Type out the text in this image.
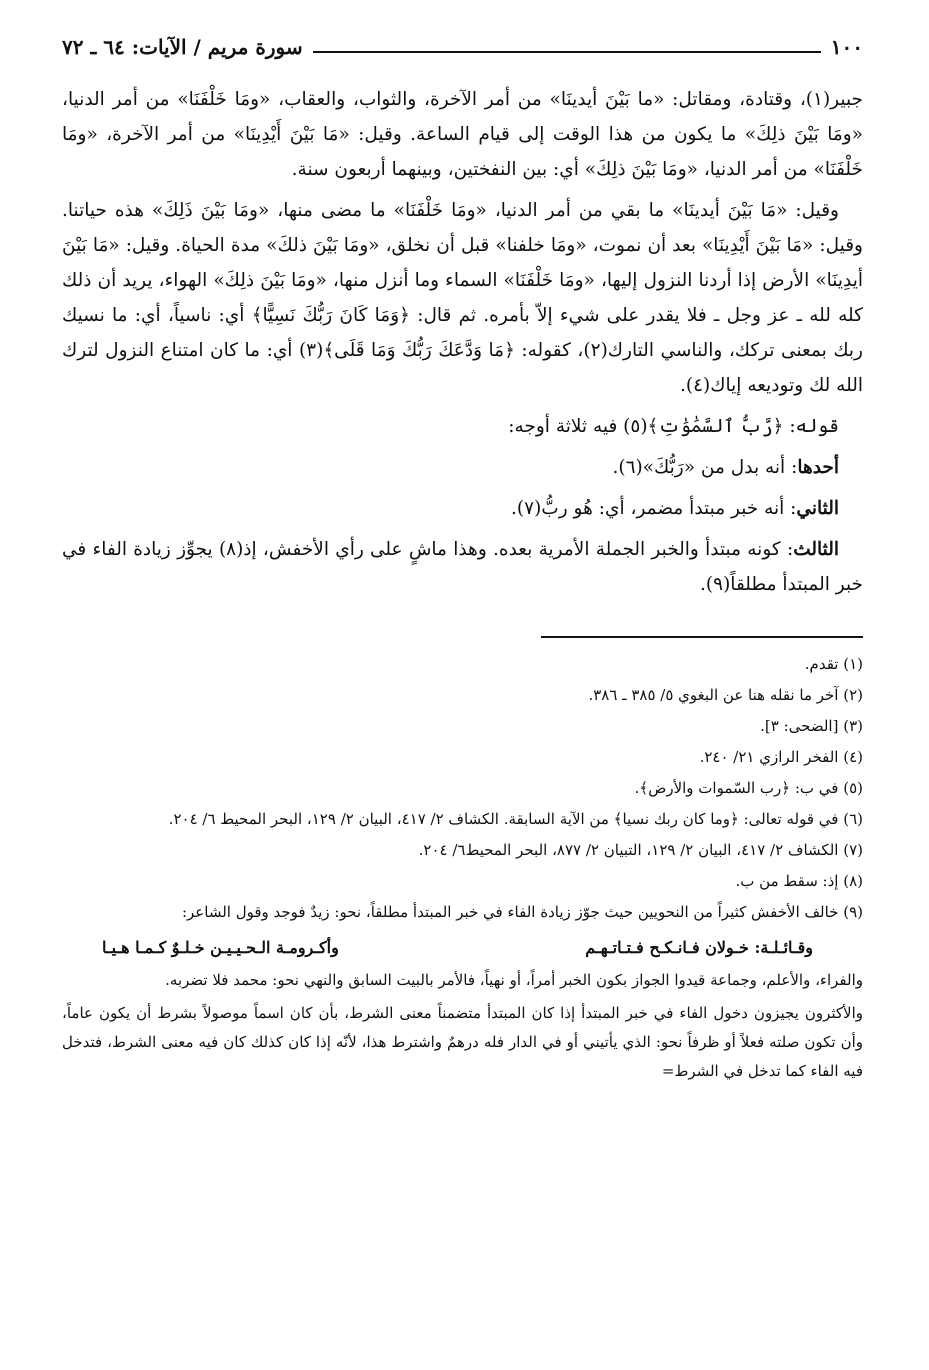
١٠٠
سورة مريم / الآيات: ٦٤ ـ ٧٢

جبير(١)، وقتادة، ومقاتل: «ما بَيْنَ أيدينَا» من أمر الآخرة، والثواب، والعقاب، «ومَا خَلْفَنَا» من أمر الدنيا، «ومَا بَيْنَ ذلِكَ» ما يكون من هذا الوقت إلى قيام الساعة. وقيل: «مَا بَيْنَ أَيْدِينَا» من أمر الآخرة، «ومَا خَلْفَنَا» من أمر الدنيا، «ومَا بَيْنَ ذلِكَ» أي: بين النفختين، وبينهما أربعون سنة.

وقيل: «مَا بَيْنَ أيدينَا» ما بقي من أمر الدنيا، «ومَا خَلْفَنَا» ما مضى منها، «ومَا بَيْنَ ذَلِكَ» هذه حياتنا. وقيل: «مَا بَيْنَ أَيْدِينَا» بعد أن نموت، «ومَا خلفنا» قبل أن نخلق، «ومَا بَيْنَ ذلكَ» مدة الحياة. وقيل: «مَا بَيْنَ أيدِينَا» الأرض إذا أردنا النزول إليها، «ومَا خَلْفَنَا» السماء وما أنزل منها، «ومَا بَيْنَ ذلِكَ» الهواء، يريد أن ذلك كله لله ـ عز وجل ـ فلا يقدر على شيء إلاّ بأمره. ثم قال: ﴿وَمَا كَانَ رَبُّكَ نَسِيًّا﴾ أي: ناسياً، أي: ما نسيك ربك بمعنى تركك، والناسي التارك(٢)، كقوله: ﴿مَا وَدَّعَكَ رَبُّكَ وَمَا قَلَى﴾(٣) أي: ما كان امتناع النزول لترك الله لك وتوديعه إياك(٤).

قوله: ﴿رَّبُّ ٱلسَّمَٰوَٰتِ﴾(٥) فيه ثلاثة أوجه:

أحدها: أنه بدل من «رَبُّكَ»(٦).

الثاني: أنه خبر مبتدأ مضمر، أي: هُو ربُّ(٧).

الثالث: كونه مبتدأ والخبر الجملة الأمرية بعده. وهذا ماشٍ على رأي الأخفش، إذ(٨) يجوِّز زيادة الفاء في خبر المبتدأ مطلقاً(٩).

(١) تقدم.
(٢) آخر ما نقله هنا عن البغوي ٥/ ٣٨٥ ـ ٣٨٦.
(٣) [الضحى: ٣].
(٤) الفخر الرازي ٢١/ ٢٤٠.
(٥) في ب: ﴿رب السّموات والأرض﴾.
(٦) في قوله تعالى: ﴿وما كان ربك نسيا﴾ من الآية السابقة. الكشاف ٢/ ٤١٧، البيان ٢/ ١٢٩، البحر المحيط ٦/ ٢٠٤.
(٧) الكشاف ٢/ ٤١٧، البيان ٢/ ١٢٩، التبيان ٢/ ٨٧٧، البحر المحيط٦/ ٢٠٤.
(٨) إذ: سقط من ب.
(٩) خالف الأخفش كثيراً من النحويين حيث جوّز زيادة الفاء في خبر المبتدأ مطلقاً، نحو: زيدٌ فوجد وقول الشاعر:
وقـائـلـة: خـولان فـانـكـح فـتـاتـهـم
وأكـرومـة الـحـيـيـن خـلـوٌ كـمـا هـيـا

والفراء، والأعلم، وجماعة قيدوا الجواز بكون الخبر أمراً، أو نهياً، فالأمر بالبيت السابق والنهي نحو: محمد فلا تضربه.

والأكثرون يجيزون دخول الفاء في خبر المبتدأ إذا كان المبتدأ متضمناً معنى الشرط، بأن كان اسماً موصولاً بشرط أن يكون عاماً، وأن تكون صلته فعلاً أو ظرفاً نحو: الذي يأتيني أو في الدار فله درهمٌ واشترط هذا، لأنّه إذا كان كذلك كان فيه معنى الشرط، فتدخل فيه الفاء كما تدخل في الشرط=
